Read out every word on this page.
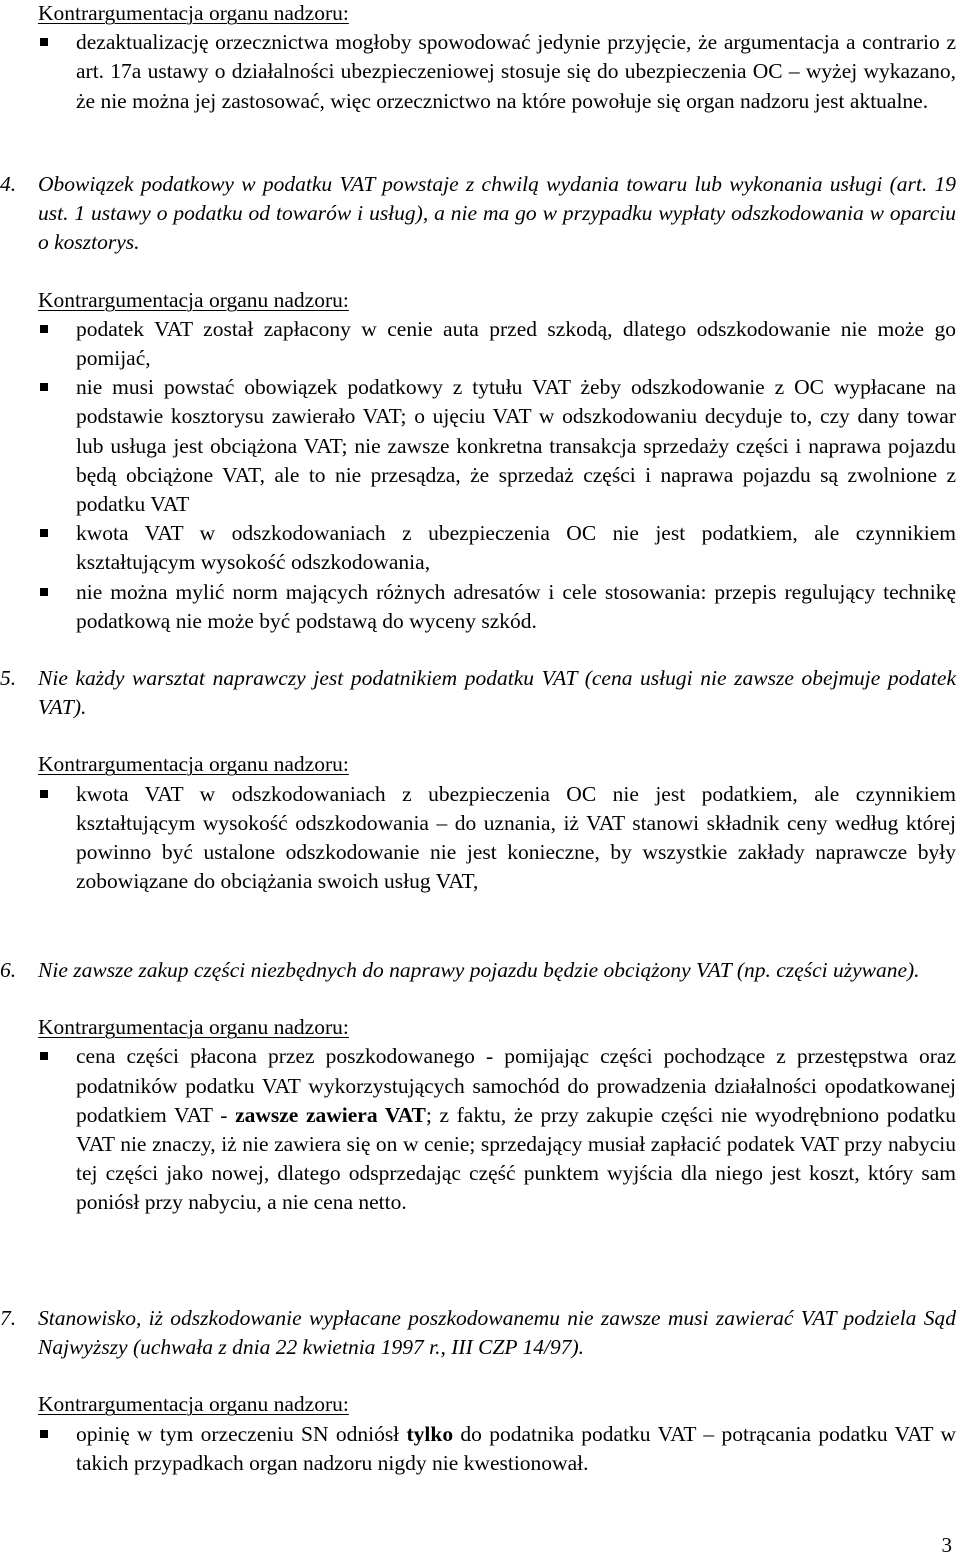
Kontrargumentacja organu nadzoru:

dezaktualizację orzecznictwa mogłoby spowodować jedynie przyjęcie, że argumentacja a contrario z art. 17a ustawy o działalności ubezpieczeniowej stosuje się do ubezpieczenia OC – wyżej wykazano, że nie można jej zastosować, więc orzecznictwo na które powołuje się organ nadzoru jest aktualne.
4.	Obowiązek podatkowy w podatku VAT powstaje z chwilą wydania towaru lub wykonania usługi (art. 19 ust. 1 ustawy o podatku od towarów i usług), a nie ma go w przypadku wypłaty odszkodowania w oparciu o kosztorys.

Kontrargumentacja organu nadzoru:

podatek VAT został zapłacony w cenie auta przed szkodą, dlatego odszkodowanie nie może go pomijać,
nie musi powstać obowiązek podatkowy z tytułu VAT żeby odszkodowanie z OC wypłacane na podstawie kosztorysu zawierało VAT; o ujęciu VAT w odszkodowaniu decyduje to, czy dany towar lub usługa jest obciążona VAT; nie zawsze konkretna transakcja sprzedaży części i naprawa pojazdu będą obciążone VAT, ale to nie przesądza, że sprzedaż części i naprawa pojazdu są zwolnione z podatku VAT
kwota VAT w odszkodowaniach z ubezpieczenia OC nie jest podatkiem, ale czynnikiem kształtującym wysokość odszkodowania,
nie można mylić norm mających różnych adresatów i cele stosowania: przepis regulujący technikę podatkową nie może być podstawą do wyceny szkód.
5.	Nie każdy warsztat naprawczy jest podatnikiem podatku VAT (cena usługi nie zawsze obejmuje podatek VAT).

Kontrargumentacja organu nadzoru:

kwota VAT w odszkodowaniach z ubezpieczenia OC nie jest podatkiem, ale czynnikiem kształtującym wysokość odszkodowania – do uznania, iż VAT stanowi składnik ceny według której powinno być ustalone odszkodowanie nie jest konieczne, by wszystkie zakłady naprawcze były zobowiązane do obciążania swoich usług VAT,
6.	Nie zawsze zakup części niezbędnych do naprawy pojazdu będzie obciążony VAT (np. części używane).

Kontrargumentacja organu nadzoru:

cena części płacona przez poszkodowanego - pomijając części pochodzące z przestępstwa oraz podatników podatku VAT wykorzystujących samochód do prowadzenia działalności opodatkowanej podatkiem VAT - zawsze zawiera VAT; z faktu, że przy zakupie części nie wyodrębniono podatku VAT nie znaczy, iż nie zawiera się on w cenie; sprzedający musiał zapłacić podatek VAT przy nabyciu tej części jako nowej, dlatego odsprzedając część punktem wyjścia dla niego jest koszt, który sam poniósł przy nabyciu, a nie cena netto.
7.	Stanowisko, iż odszkodowanie wypłacane poszkodowanemu nie zawsze musi zawierać VAT podziela Sąd Najwyższy (uchwała z dnia 22 kwietnia 1997 r., III CZP 14/97).

Kontrargumentacja organu nadzoru:

opinię w tym orzeczeniu SN odniósł tylko do podatnika podatku VAT – potrącania podatku VAT w takich przypadkach organ nadzoru nigdy nie kwestionował.
3
